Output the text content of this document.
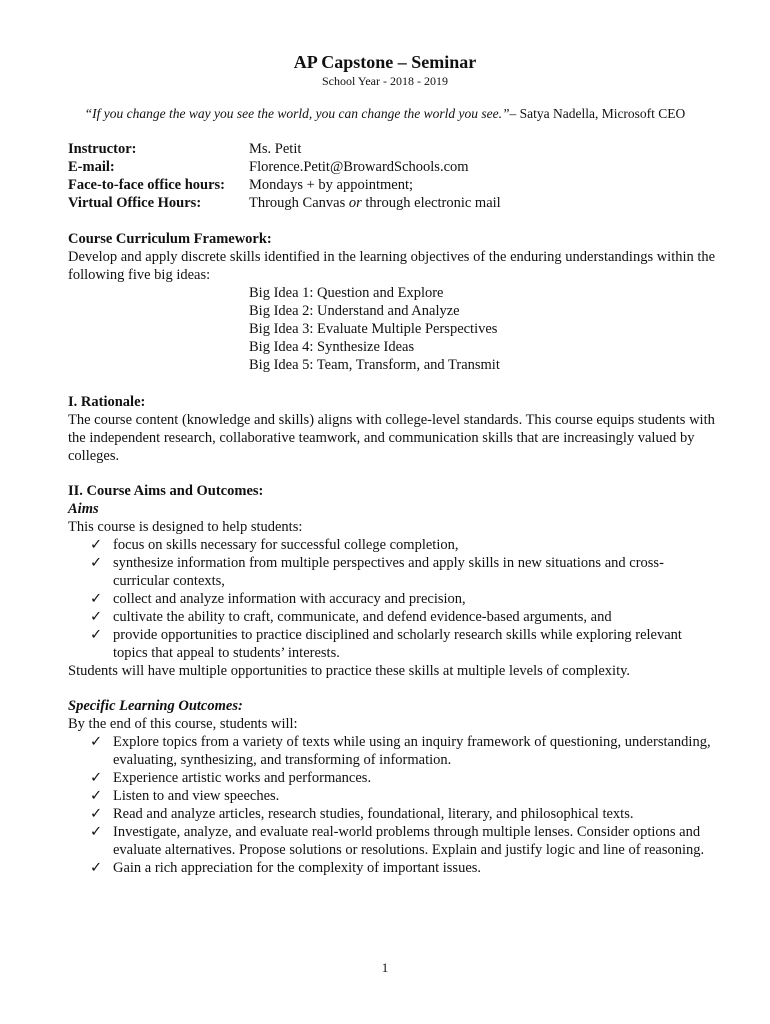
AP Capstone – Seminar
School Year - 2018 - 2019
“If you change the way you see the world, you can change the world you see.”– Satya Nadella, Microsoft CEO
Instructor:	Ms. Petit
E-mail:	Florence.Petit@BrowardSchools.com
Face-to-face office hours:	Mondays + by appointment;
Virtual Office Hours:	Through Canvas or through electronic mail
Course Curriculum Framework:
Develop and apply discrete skills identified in the learning objectives of the enduring understandings within the following five big ideas:
Big Idea 1: Question and Explore
Big Idea 2: Understand and Analyze
Big Idea 3: Evaluate Multiple Perspectives
Big Idea 4: Synthesize Ideas
Big Idea 5: Team, Transform, and Transmit
I. Rationale:
The course content (knowledge and skills) aligns with college-level standards. This course equips students with the independent research, collaborative teamwork, and communication skills that are increasingly valued by colleges.
II. Course Aims and Outcomes:
Aims
This course is designed to help students:
✓ focus on skills necessary for successful college completion,
✓ synthesize information from multiple perspectives and apply skills in new situations and cross-curricular contexts,
✓ collect and analyze information with accuracy and precision,
✓ cultivate the ability to craft, communicate, and defend evidence-based arguments, and
✓ provide opportunities to practice disciplined and scholarly research skills while exploring relevant topics that appeal to students’ interests.
Students will have multiple opportunities to practice these skills at multiple levels of complexity.
Specific Learning Outcomes:
By the end of this course, students will:
✓ Explore topics from a variety of texts while using an inquiry framework of questioning, understanding, evaluating, synthesizing, and transforming of information.
✓ Experience artistic works and performances.
✓ Listen to and view speeches.
✓ Read and analyze articles, research studies, foundational, literary, and philosophical texts.
✓ Investigate, analyze, and evaluate real-world problems through multiple lenses. Consider options and evaluate alternatives. Propose solutions or resolutions. Explain and justify logic and line of reasoning.
✓ Gain a rich appreciation for the complexity of important issues.
1
